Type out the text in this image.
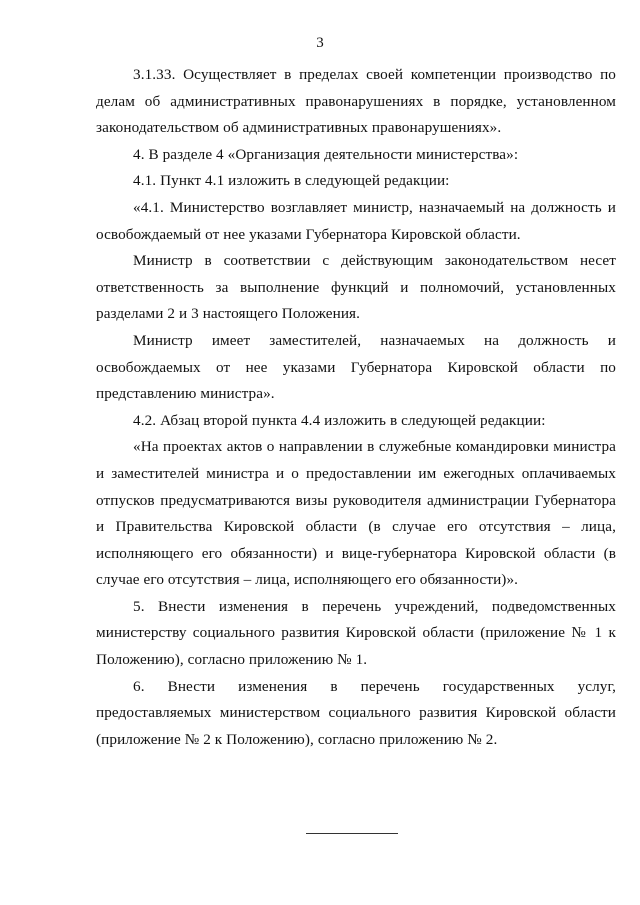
3

3.1.33. Осуществляет в пределах своей компетенции производство по делам об административных правонарушениях в порядке, установленном законодательством об административных правонарушениях».

4. В разделе 4 «Организация деятельности министерства»:

4.1. Пункт 4.1 изложить в следующей редакции:

«4.1. Министерство возглавляет министр, назначаемый на должность и освобождаемый от нее указами Губернатора Кировской области.

Министр в соответствии с действующим законодательством несет ответственность за выполнение функций и полномочий, установленных разделами 2 и 3 настоящего Положения.

Министр имеет заместителей, назначаемых на должность и освобождаемых от нее указами Губернатора Кировской области по представлению министра».

4.2. Абзац второй пункта 4.4 изложить в следующей редакции:

«На проектах актов о направлении в служебные командировки министра и заместителей министра и о предоставлении им ежегодных оплачиваемых отпусков предусматриваются визы руководителя администрации Губернатора и Правительства Кировской области (в случае его отсутствия – лица, исполняющего его обязанности) и вице-губернатора Кировской области (в случае его отсутствия – лица, исполняющего его обязанности)».

5. Внести изменения в перечень учреждений, подведомственных министерству социального развития Кировской области (приложение № 1 к Положению), согласно приложению № 1.

6. Внести изменения в перечень государственных услуг, предоставляемых министерством социального развития Кировской области (приложение № 2 к Положению), согласно приложению № 2.
